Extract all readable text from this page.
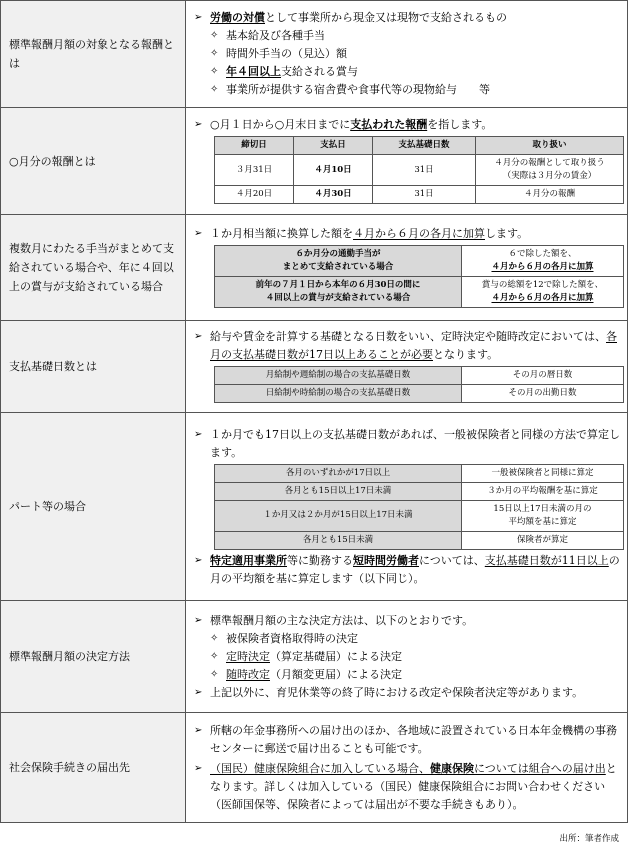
標準報酬月額の対象となる報酬とは	
➢ 労働の対償として事業所から現金又は現物で支給されるもの
✧ 基本給及び各種手当
✧ 時間外手当の（見込）額
✧ 年４回以上支給される賞与
✧ 事業所が提供する宿舎費や食事代等の現物給与　　等

○月分の報酬とは	
➢ ○月１日から○月末日までに支払われた報酬を指します。
締切日	支払日	支払基礎日数	取り扱い
３月31日	４月10日	31日	４月分の報酬として取り扱う
（実際は３月分の賃金）
４月20日	４月30日	31日	４月分の報酬

複数月にわたる手当がまとめて支給されている場合や、年に４回以上の賞与が支給されている場合	
➢ １か月相当額に換算した額を４月から６月の各月に加算します。
６か月分の通勤手当が
まとめて支給されている場合	６で除した額を、
４月から６月の各月に加算
前年の７月１日から本年の６月30日の間に
４回以上の賞与が支給されている場合	賞与の総額を12で除した額を、
４月から６月の各月に加算

支払基礎日数とは	
➢ 給与や賃金を計算する基礎となる日数をいい、定時決定や随時改定においては、各月の支払基礎日数が17日以上あることが必要となります。
月給制や週給制の場合の支払基礎日数	その月の暦日数
日給制や時給制の場合の支払基礎日数	その月の出勤日数

パート等の場合	
➢ １か月でも17日以上の支払基礎日数があれば、一般被保険者と同様の方法で算定します。
各月のいずれかが17日以上	一般被保険者と同様に算定
各月とも15日以上17日未満	３か月の平均報酬を基に算定
１か月又は２か月が15日以上17日未満	15日以上17日未満の月の
平均額を基に算定
各月とも15日未満	保険者が算定
➢ 特定適用事業所等に勤務する短時間労働者については、支払基礎日数が11日以上の月の平均額を基に算定します（以下同じ）。

標準報酬月額の決定方法	
➢ 標準報酬月額の主な決定方法は、以下のとおりです。
✧ 被保険者資格取得時の決定
✧ 定時決定（算定基礎届）による決定
✧ 随時改定（月額変更届）による決定
➢ 上記以外に、育児休業等の終了時における改定や保険者決定等があります。

社会保険手続きの届出先	
➢ 所轄の年金事務所への届け出のほか、各地域に設置されている日本年金機構の事務センターに郵送で届け出ることも可能です。
➢ （国民）健康保険組合に加入している場合、健康保険については組合への届け出となります。詳しくは加入している（国民）健康保険組合にお問い合わせください（医師国保等、保険者によっては届出が不要な手続きもあり）。
出所：筆者作成
